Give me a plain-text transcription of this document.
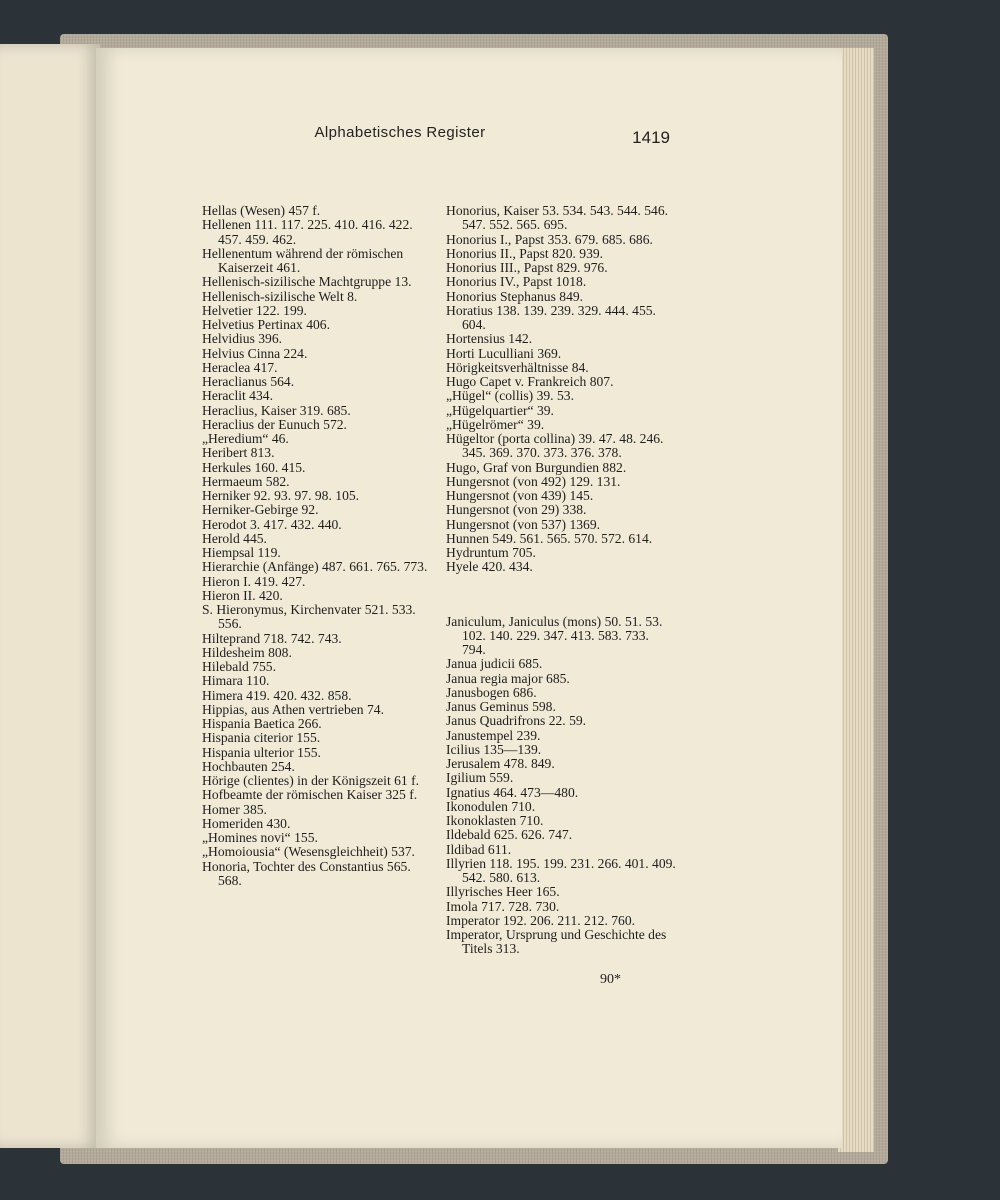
Alphabetisches Register	1419
Hellas (Wesen) 457 f.
Hellenen 111. 117. 225. 410. 416. 422. 457. 459. 462.
Hellenentum während der römischen Kaiserzeit 461.
Hellenisch-sizilische Machtgruppe 13.
Hellenisch-sizilische Welt 8.
Helvetier 122. 199.
Helvetius Pertinax 406.
Helvidius 396.
Helvius Cinna 224.
Heraclea 417.
Heraclianus 564.
Heraclit 434.
Heraclius, Kaiser 319. 685.
Heraclius der Eunuch 572.
„Heredium“ 46.
Heribert 813.
Herkules 160. 415.
Hermaeum 582.
Herniker 92. 93. 97. 98. 105.
Herniker-Gebirge 92.
Herodot 3. 417. 432. 440.
Herold 445.
Hiempsal 119.
Hierarchie (Anfänge) 487. 661. 765. 773.
Hieron I. 419. 427.
Hieron II. 420.
S. Hieronymus, Kirchenvater 521. 533. 556.
Hilteprand 718. 742. 743.
Hildesheim 808.
Hilebald 755.
Himara 110.
Himera 419. 420. 432. 858.
Hippias, aus Athen vertrieben 74.
Hispania Baetica 266.
Hispania citerior 155.
Hispania ulterior 155.
Hochbauten 254.
Hörige (clientes) in der Königszeit 61 f.
Hofbeamte der römischen Kaiser 325 f.
Homer 385.
Homeriden 430.
„Homines novi“ 155.
„Homoiousia“ (Wesensgleichheit) 537.
Honoria, Tochter des Constantius 565. 568.
Honorius, Kaiser 53. 534. 543. 544. 546. 547. 552. 565. 695.
Honorius I., Papst 353. 679. 685. 686.
Honorius II., Papst 820. 939.
Honorius III., Papst 829. 976.
Honorius IV., Papst 1018.
Honorius Stephanus 849.
Horatius 138. 139. 239. 329. 444. 455. 604.
Hortensius 142.
Horti Luculliani 369.
Hörigkeitsverhältnisse 84.
Hugo Capet v. Frankreich 807.
„Hügel“ (collis) 39. 53.
„Hügelquartier“ 39.
„Hügelrömer“ 39.
Hügeltor (porta collina) 39. 47. 48. 246. 345. 369. 370. 373. 376. 378.
Hugo, Graf von Burgundien 882.
Hungersnot (von 492) 129. 131.
Hungersnot (von 439) 145.
Hungersnot (von 29) 338.
Hungersnot (von 537) 1369.
Hunnen 549. 561. 565. 570. 572. 614.
Hydruntum 705.
Hyele 420. 434.
Janiculum, Janiculus (mons) 50. 51. 53. 102. 140. 229. 347. 413. 583. 733. 794.
Janua judicii 685.
Janua regia major 685.
Janusbogen 686.
Janus Geminus 598.
Janus Quadrifrons 22. 59.
Janustempel 239.
Icilius 135—139.
Jerusalem 478. 849.
Igilium 559.
Ignatius 464. 473—480.
Ikonodulen 710.
Ikonoklasten 710.
Ildebald 625. 626. 747.
Ildibad 611.
Illyrien 118. 195. 199. 231. 266. 401. 409. 542. 580. 613.
Illyrisches Heer 165.
Imola 717. 728. 730.
Imperator 192. 206. 211. 212. 760.
Imperator, Ursprung und Geschichte des Titels 313.
90*
